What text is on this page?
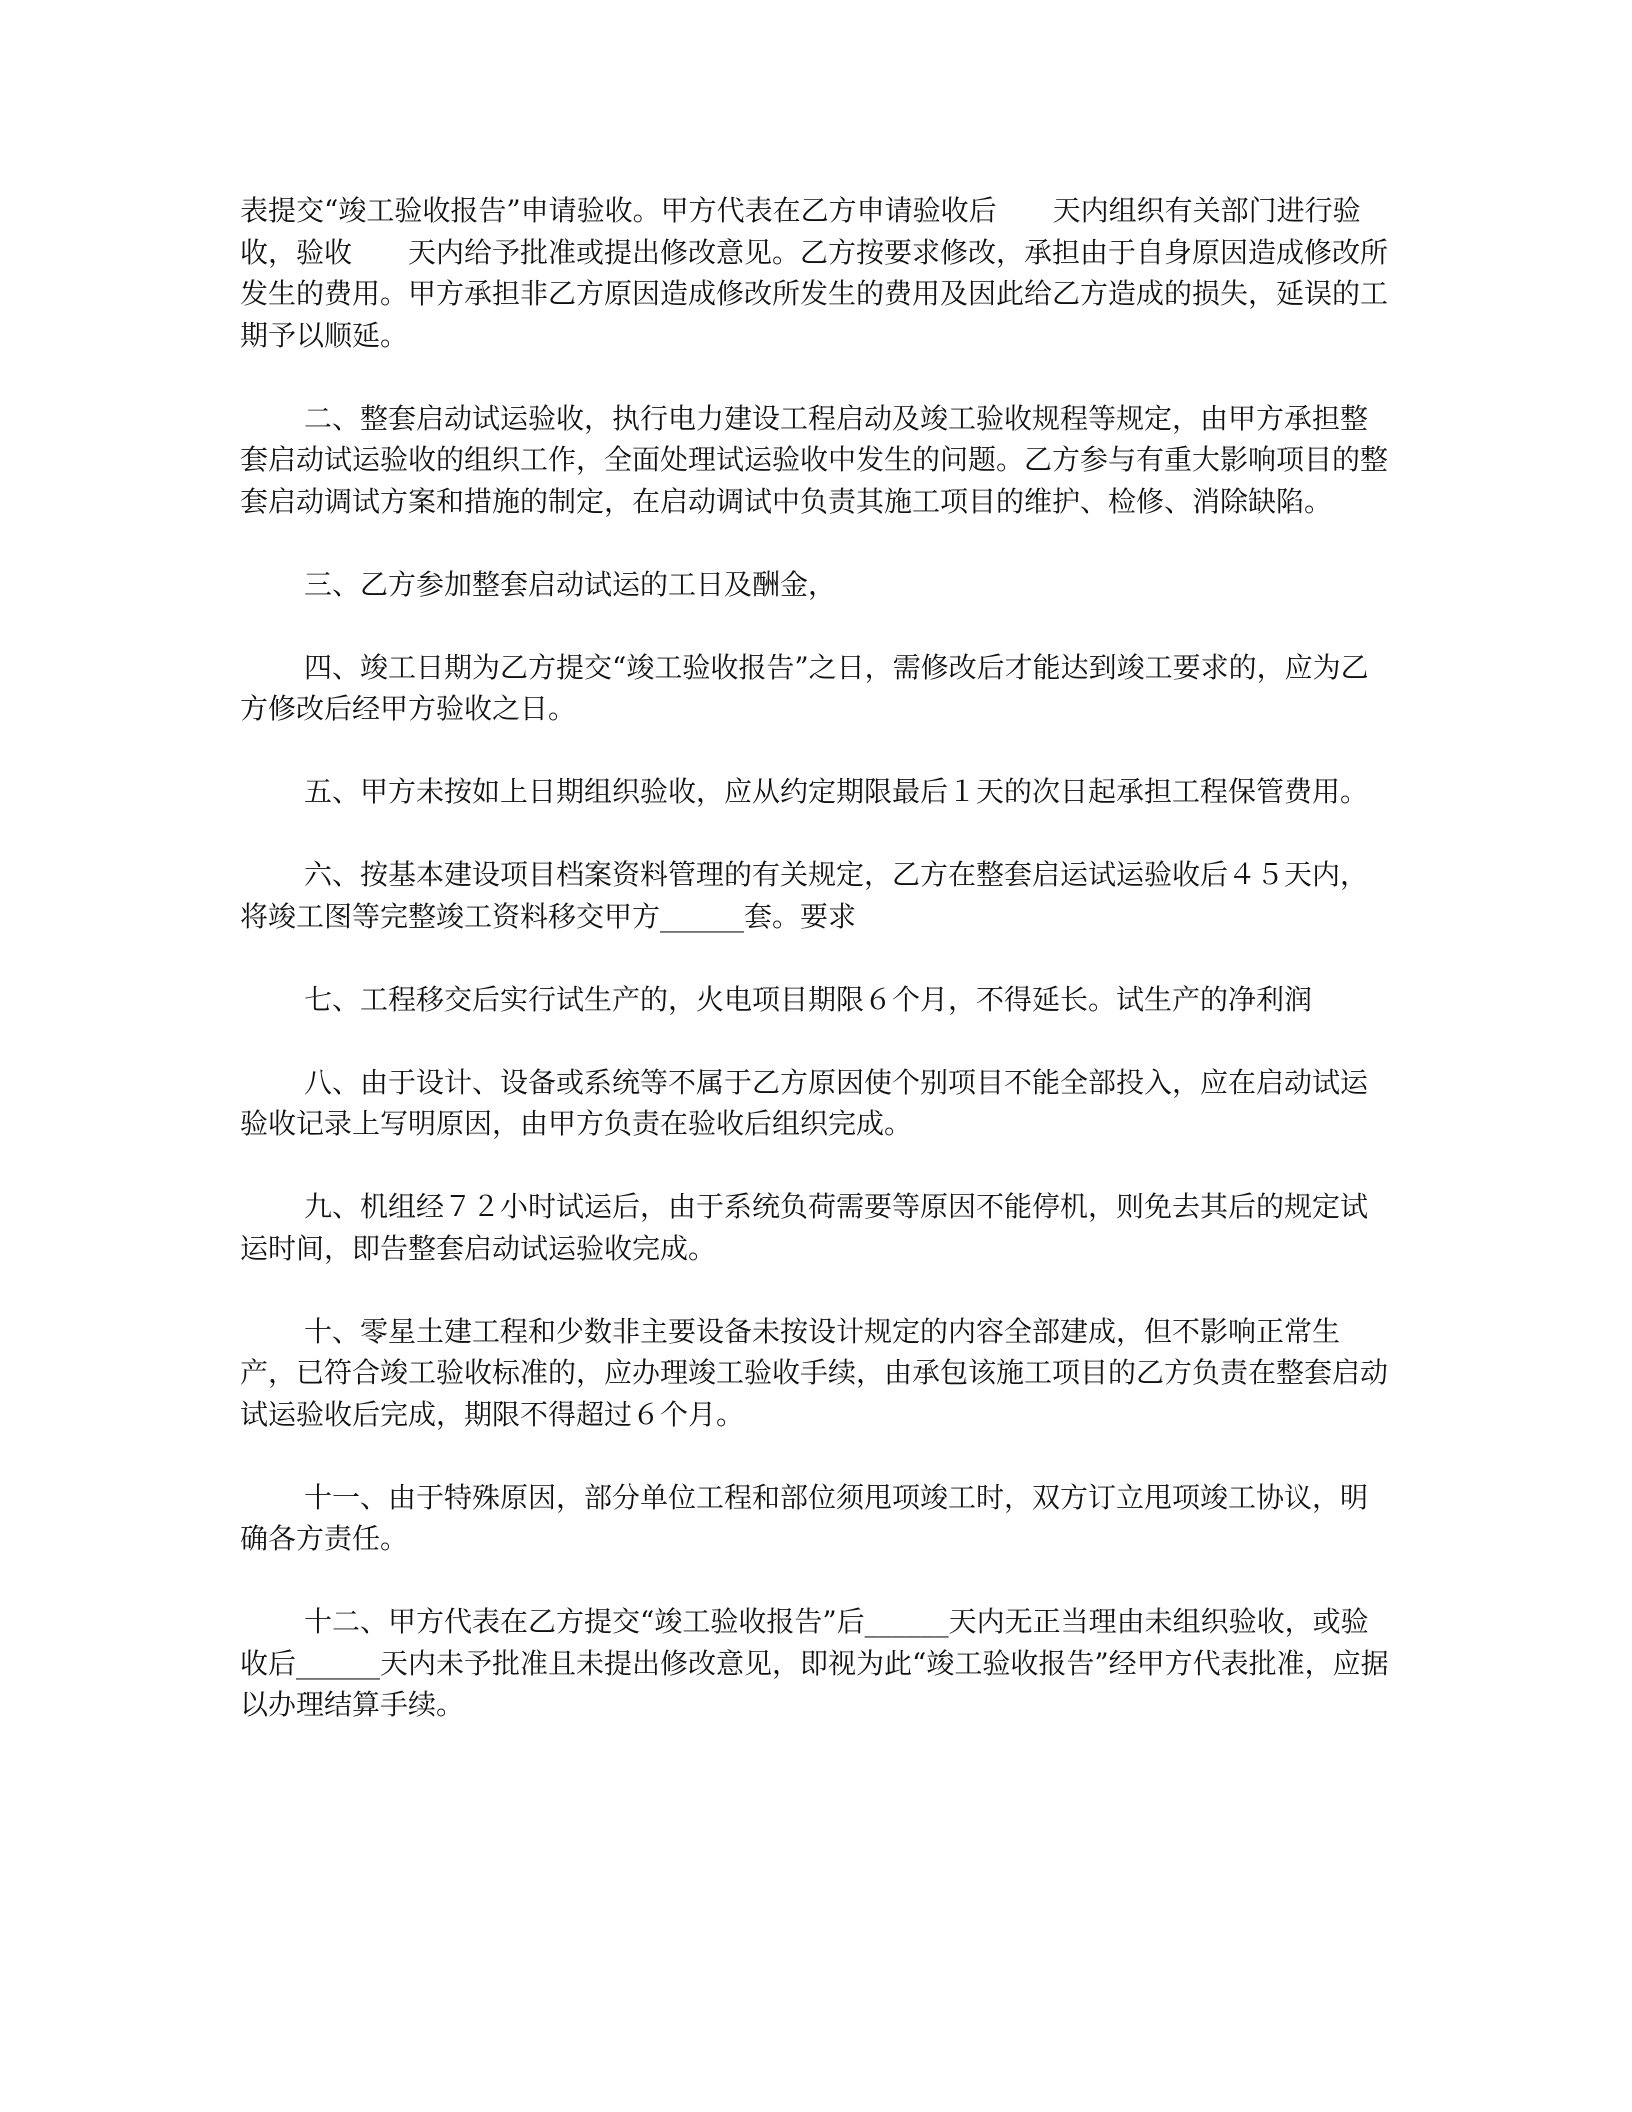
表提交“竣工验收报告”申请验收。甲方代表在乙方申请验收后　　天内组织有关部门进行验收，验收　　天内给予批准或提出修改意见。乙方按要求修改，承担由于自身原因造成修改所发生的费用。甲方承担非乙方原因造成修改所发生的费用及因此给乙方造成的损失，延误的工期予以顺延。

二、整套启动试运验收，执行电力建设工程启动及竣工验收规程等规定，由甲方承担整套启动试运验收的组织工作，全面处理试运验收中发生的问题。乙方参与有重大影响项目的整套启动调试方案和措施的制定，在启动调试中负责其施工项目的维护、检修、消除缺陷。

三、乙方参加整套启动试运的工日及酬金，

四、竣工日期为乙方提交“竣工验收报告”之日，需修改后才能达到竣工要求的，应为乙方修改后经甲方验收之日。

五、甲方未按如上日期组织验收，应从约定期限最后１天的次日起承担工程保管费用。

六、按基本建设项目档案资料管理的有关规定，乙方在整套启运试运验收后４５天内，将竣工图等完整竣工资料移交甲方______套。要求

七、工程移交后实行试生产的，火电项目期限６个月，不得延长。试生产的净利润

八、由于设计、设备或系统等不属于乙方原因使个别项目不能全部投入，应在启动试运验收记录上写明原因，由甲方负责在验收后组织完成。

九、机组经７２小时试运后，由于系统负荷需要等原因不能停机，则免去其后的规定试运时间，即告整套启动试运验收完成。

十、零星土建工程和少数非主要设备未按设计规定的内容全部建成，但不影响正常生产，已符合竣工验收标准的，应办理竣工验收手续，由承包该施工项目的乙方负责在整套启动试运验收后完成，期限不得超过６个月。

十一、由于特殊原因，部分单位工程和部位须甩项竣工时，双方订立甩项竣工协议，明确各方责任。

十二、甲方代表在乙方提交“竣工验收报告”后______天内无正当理由未组织验收，或验收后______天内未予批准且未提出修改意见，即视为此“竣工验收报告”经甲方代表批准，应据以办理结算手续。
